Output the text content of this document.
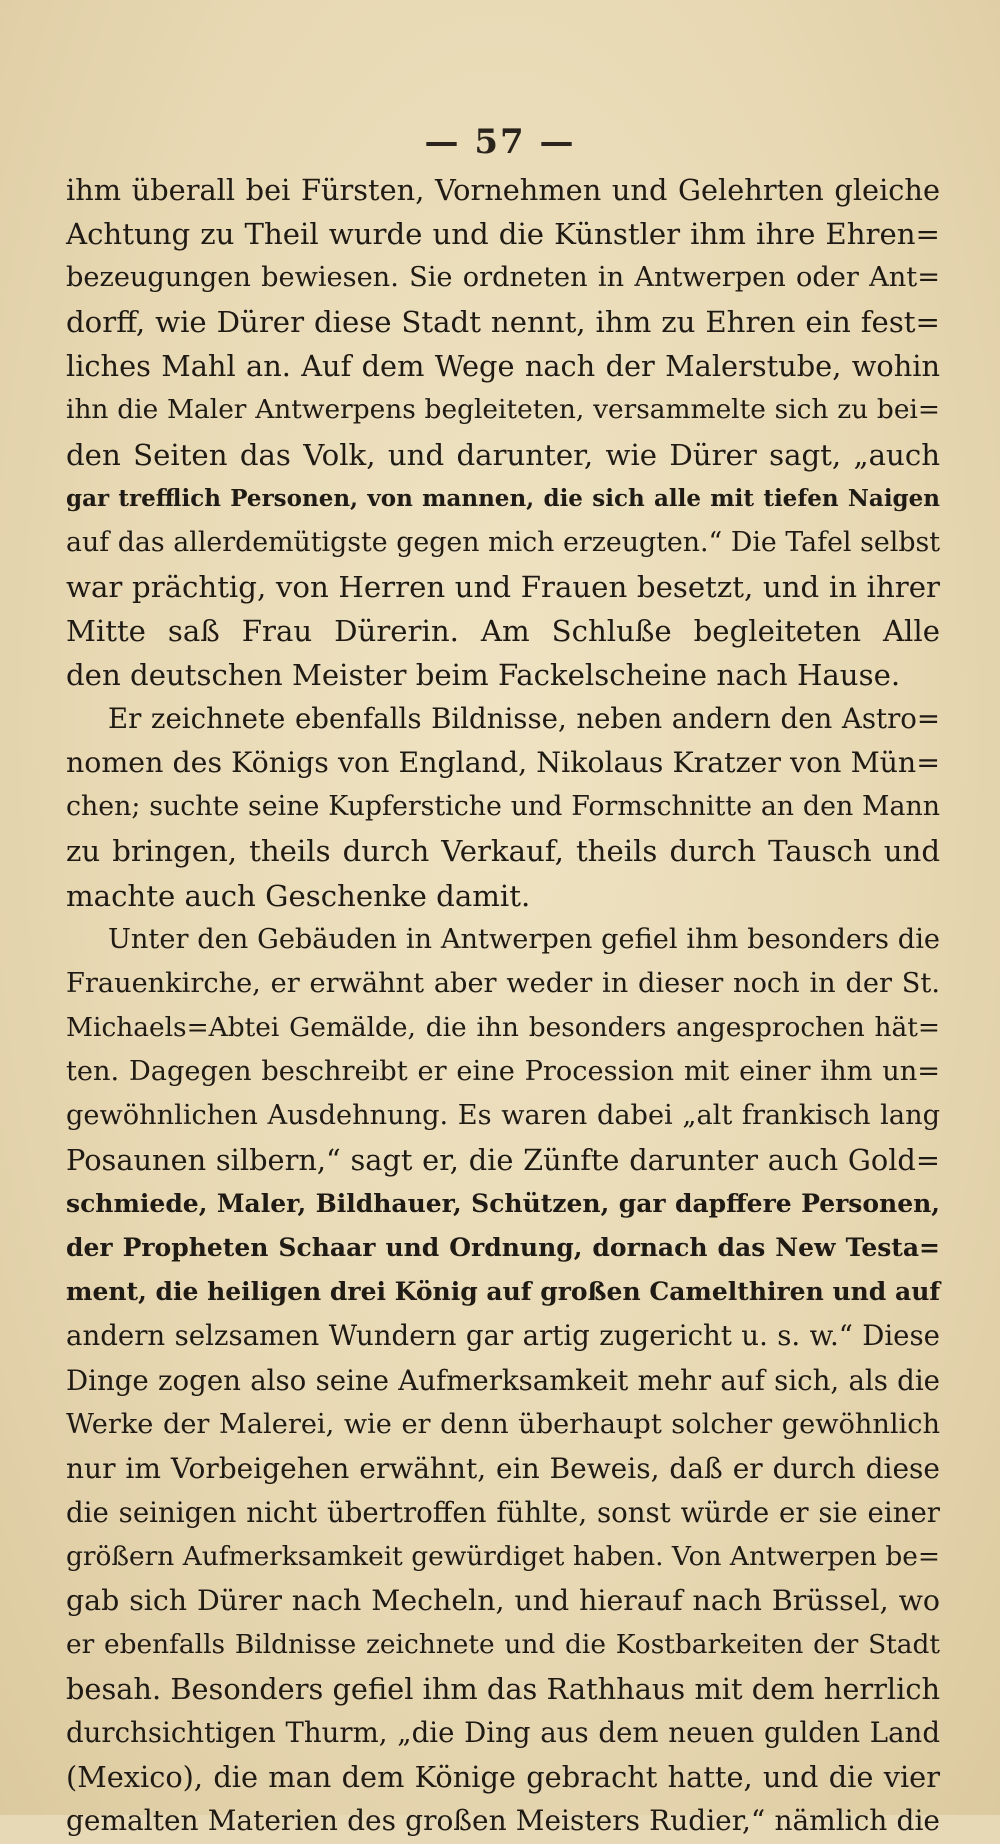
— 57 —
ihm überall bei Fürsten, Vornehmen und Gelehrten gleiche
Achtung zu Theil wurde und die Künstler ihm ihre Ehren=
bezeugungen bewiesen. Sie ordneten in Antwerpen oder Ant=
dorff, wie Dürer diese Stadt nennt, ihm zu Ehren ein fest=
liches Mahl an. Auf dem Wege nach der Malerstube, wohin
ihn die Maler Antwerpens begleiteten, versammelte sich zu bei=
den Seiten das Volk, und darunter, wie Dürer sagt, „auch
gar trefflich Personen, von mannen, die sich alle mit tiefen Naigen
auf das allerdemütigste gegen mich erzeugten.“ Die Tafel selbst
war prächtig, von Herren und Frauen besetzt, und in ihrer
Mitte saß Frau Dürerin. Am Schluße begleiteten Alle
den deutschen Meister beim Fackelscheine nach Hause.
Er zeichnete ebenfalls Bildnisse, neben andern den Astro=
nomen des Königs von England, Nikolaus Kratzer von Mün=
chen; suchte seine Kupferstiche und Formschnitte an den Mann
zu bringen, theils durch Verkauf, theils durch Tausch und
machte auch Geschenke damit.
Unter den Gebäuden in Antwerpen gefiel ihm besonders die
Frauenkirche, er erwähnt aber weder in dieser noch in der St.
Michaels=Abtei Gemälde, die ihn besonders angesprochen hät=
ten. Dagegen beschreibt er eine Procession mit einer ihm un=
gewöhnlichen Ausdehnung. Es waren dabei „alt frankisch lang
Posaunen silbern,“ sagt er, die Zünfte darunter auch Gold=
schmiede, Maler, Bildhauer, Schützen, gar dapffere Personen,
der Propheten Schaar und Ordnung, dornach das New Testa=
ment, die heiligen drei König auf großen Camelthiren und auf
andern selzsamen Wundern gar artig zugericht u. s. w.“ Diese
Dinge zogen also seine Aufmerksamkeit mehr auf sich, als die
Werke der Malerei, wie er denn überhaupt solcher gewöhnlich
nur im Vorbeigehen erwähnt, ein Beweis, daß er durch diese
die seinigen nicht übertroffen fühlte, sonst würde er sie einer
größern Aufmerksamkeit gewürdiget haben. Von Antwerpen be=
gab sich Dürer nach Mecheln, und hierauf nach Brüssel, wo
er ebenfalls Bildnisse zeichnete und die Kostbarkeiten der Stadt
besah. Besonders gefiel ihm das Rathhaus mit dem herrlich
durchsichtigen Thurm, „die Ding aus dem neuen gulden Land
(Mexico), die man dem Könige gebracht hatte, und die vier
gemalten Materien des großen Meisters Rudier,“ nämlich die
